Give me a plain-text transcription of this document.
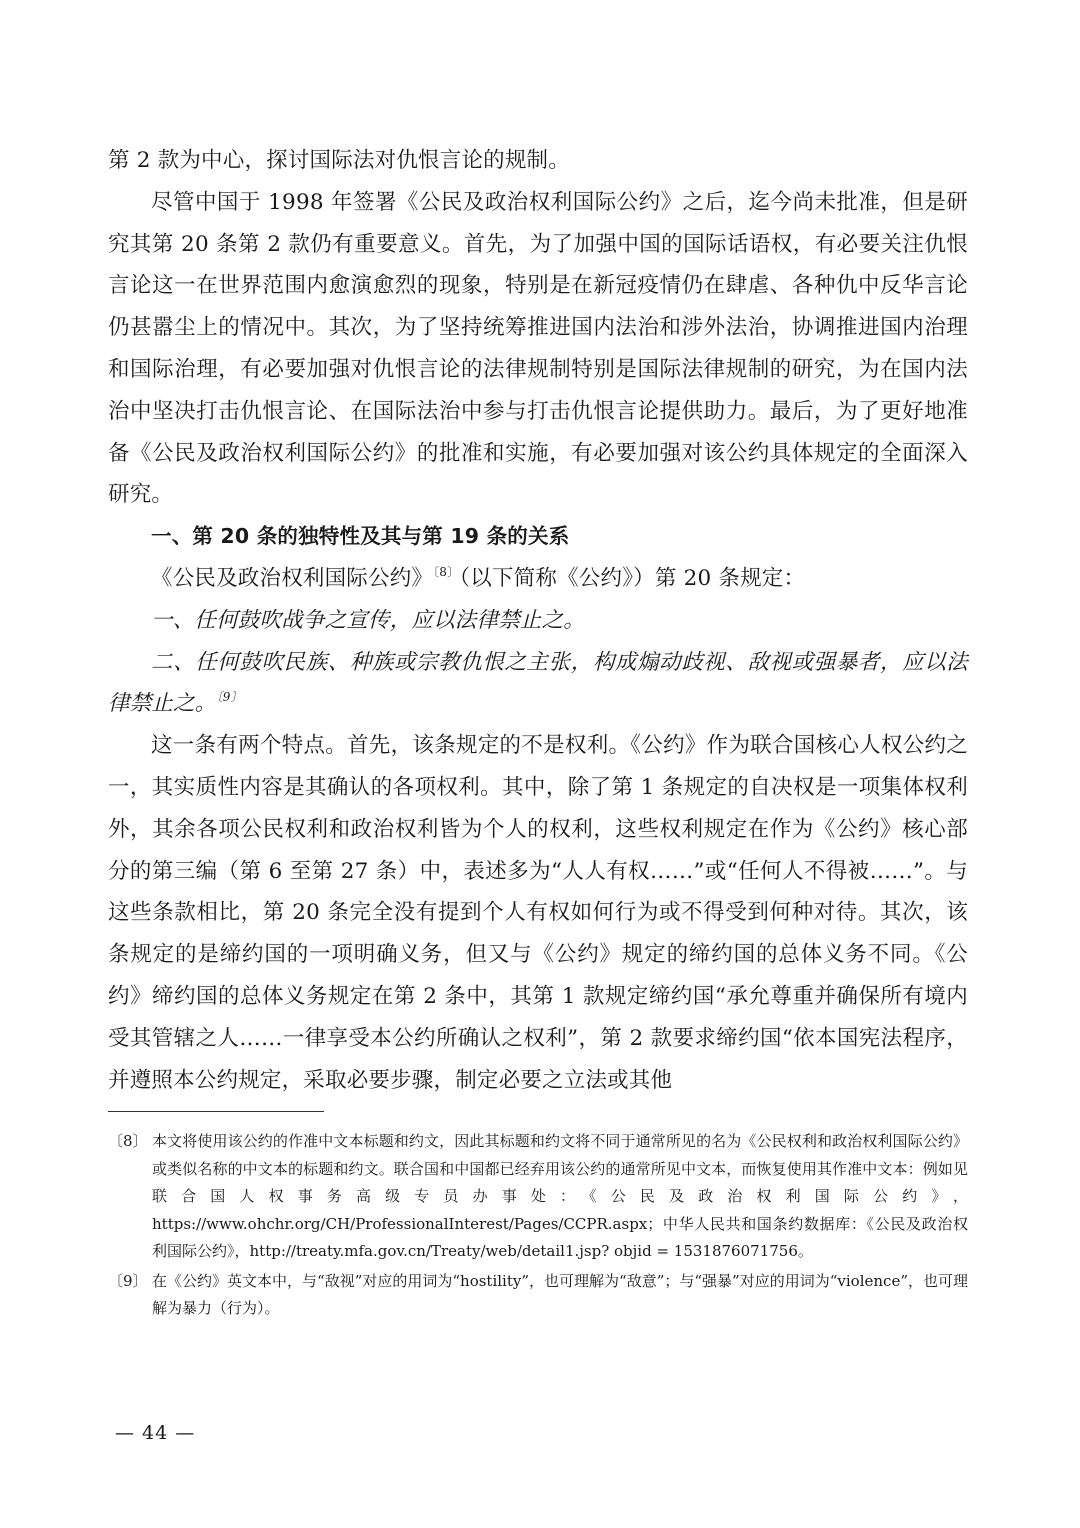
第 2 款为中心，探讨国际法对仇恨言论的规制。

尽管中国于 1998 年签署《公民及政治权利国际公约》之后，迄今尚未批准，但是研究其第 20 条第 2 款仍有重要意义。首先，为了加强中国的国际话语权，有必要关注仇恨言论这一在世界范围内愈演愈烈的现象，特别是在新冠疫情仍在肆虐、各种仇中反华言论仍甚嚣尘上的情况中。其次，为了坚持统筹推进国内法治和涉外法治，协调推进国内治理和国际治理，有必要加强对仇恨言论的法律规制特别是国际法律规制的研究，为在国内法治中坚决打击仇恨言论、在国际法治中参与打击仇恨言论提供助力。最后，为了更好地准备《公民及政治权利国际公约》的批准和实施，有必要加强对该公约具体规定的全面深入研究。

一、第 20 条的独特性及其与第 19 条的关系

《公民及政治权利国际公约》$^{〔8〕}$（以下简称《公约》）第 20 条规定：

一、任何鼓吹战争之宣传，应以法律禁止之。

二、任何鼓吹民族、种族或宗教仇恨之主张，构成煽动歧视、敌视或强暴者，应以法律禁止之。$^{〔9〕}$

这一条有两个特点。首先，该条规定的不是权利。《公约》作为联合国核心人权公约之一，其实质性内容是其确认的各项权利。其中，除了第 1 条规定的自决权是一项集体权利外，其余各项公民权利和政治权利皆为个人的权利，这些权利规定在作为《公约》核心部分的第三编（第 6 至第 27 条）中，表述多为“人人有权……”或“任何人不得被……”。与这些条款相比，第 20 条完全没有提到个人有权如何行为或不得受到何种对待。其次，该条规定的是缔约国的一项明确义务，但又与《公约》规定的缔约国的总体义务不同。《公约》缔约国的总体义务规定在第 2 条中，其第 1 款规定缔约国“承允尊重并确保所有境内受其管辖之人……一律享受本公约所确认之权利”，第 2 款要求缔约国“依本国宪法程序，并遵照本公约规定，采取必要步骤，制定必要之立法或其他

〔8〕 本文将使用该公约的作准中文本标题和约文，因此其标题和约文将不同于通常所见的名为《公民权利和政治权利国际公约》或类似名称的中文本的标题和约文。联合国和中国都已经弃用该公约的通常所见中文本，而恢复使用其作准中文本：例如见联合国人权事务高级专员办事处：《公民及政治权利国际公约》，https://www.ohchr.org/CH/ProfessionalInterest/Pages/CCPR.aspx；中华人民共和国条约数据库：《公民及政治权利国际公约》，http://treaty.mfa.gov.cn/Treaty/web/detail1.jsp? objid = 1531876071756。
〔9〕 在《公约》英文本中，与“敌视”对应的用词为“hostility”，也可理解为“敌意”；与“强暴”对应的用词为“violence”，也可理解为暴力（行为）。
— 44 —
